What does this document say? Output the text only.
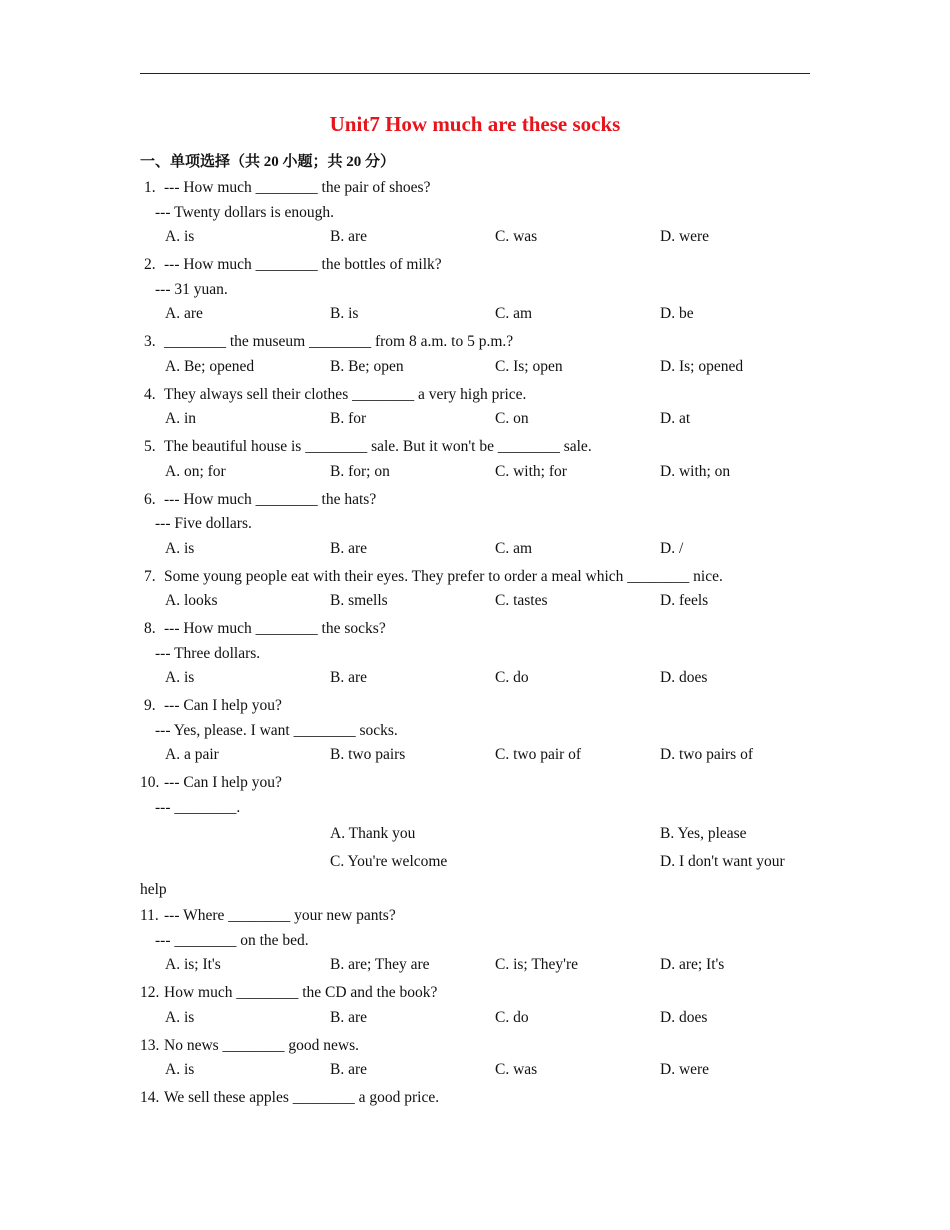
Unit7 How much are these socks
一、单项选择（共 20 小题；共 20 分）
1. --- How much ________ the pair of shoes?
--- Twenty dollars is enough.
A. is	B. are	C. was	D. were
2. --- How much ________ the bottles of milk?
--- 31 yuan.
A. are	B. is	C. am	D. be
3. ________ the museum ________ from 8 a.m. to 5 p.m.?
A. Be; opened	B. Be; open	C. Is; open	D. Is; opened
4. They always sell their clothes ________ a very high price.
A. in	B. for	C. on	D. at
5. The beautiful house is ________ sale. But it won't be ________ sale.
A. on; for	B. for; on	C. with; for	D. with; on
6. --- How much ________ the hats?
--- Five dollars.
A. is	B. are	C. am	D. /
7. Some young people eat with their eyes. They prefer to order a meal which ________ nice.
A. looks	B. smells	C. tastes	D. feels
8. --- How much ________ the socks?
--- Three dollars.
A. is	B. are	C. do	D. does
9. --- Can I help you?
--- Yes, please. I want ________ socks.
A. a pair	B. two pairs	C. two pair of	D. two pairs of
10. --- Can I help you?
--- ________.
A. Thank you	B. Yes, please
C. You're welcome	D. I don't want your
help
11. --- Where ________ your new pants?
--- ________ on the bed.
A. is; It's	B. are; They are	C. is; They're	D. are; It's
12. How much ________ the CD and the book?
A. is	B. are	C. do	D. does
13. No news ________ good news.
A. is	B. are	C. was	D. were
14. We sell these apples ________ a good price.
